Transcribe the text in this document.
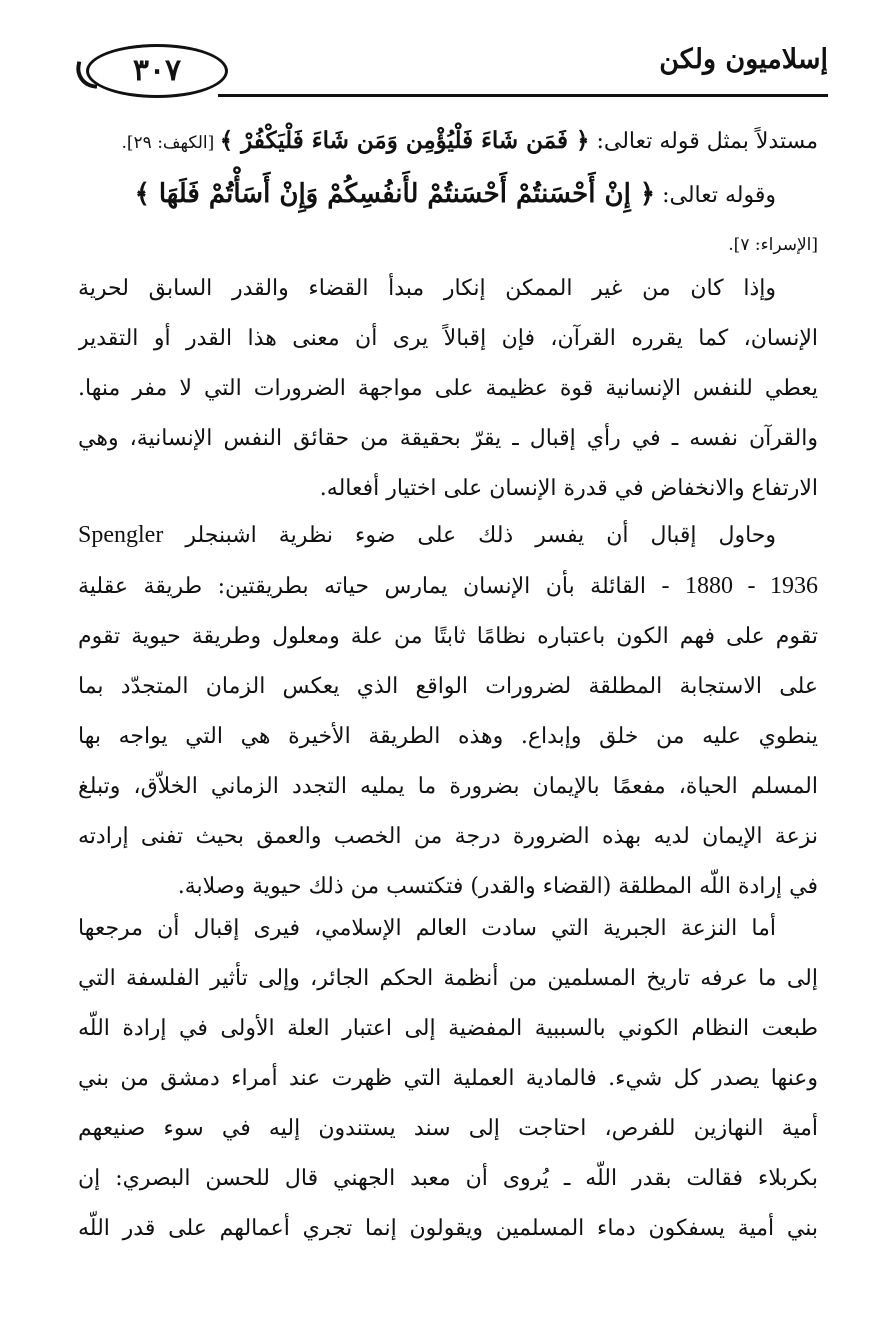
٣٠٧	إسلاميون ولكن
مستدلاً بمثل قوله تعالى: ﴿ فَمَن شَاءَ فَلْيُؤْمِن وَمَن شَاءَ فَلْيَكْفُرْ ﴾ [الكهف: ٢٩].
وقوله تعالى: ﴿ إِنْ أَحْسَنتُمْ أَحْسَنتُمْ لأَنفُسِكُمْ وَإِنْ أَسَأْتُمْ فَلَهَا ﴾
[الإسراء: ٧].
وإذا كان من غير الممكن إنكار مبدأ القضاء والقدر السابق لحرية
الإنسان، كما يقرره القرآن، فإن إقبالاً يرى أن معنى هذا القدر أو التقدير
يعطي للنفس الإنسانية قوة عظيمة على مواجهة الضرورات التي لا مفر منها.
والقرآن نفسه ـ في رأي إقبال ـ يقرّ بحقيقة من حقائق النفس الإنسانية، وهي
الارتفاع والانخفاض في قدرة الإنسان على اختيار أفعاله.
وحاول إقبال أن يفسر ذلك على ضوء نظرية اشبنجلر Spengler
- 1880 - 1936 القائلة بأن الإنسان يمارس حياته بطريقتين: طريقة عقلية
تقوم على فهم الكون باعتباره نظامًا ثابتًا من علة ومعلول وطريقة حيوية تقوم
على الاستجابة المطلقة لضرورات الواقع الذي يعكس الزمان المتجدّد بما
ينطوي عليه من خلق وإبداع. وهذه الطريقة الأخيرة هي التي يواجه بها
المسلم الحياة، مفعمًا بالإيمان بضرورة ما يمليه التجدد الزماني الخلاّق، وتبلغ
نزعة الإيمان لديه بهذه الضرورة درجة من الخصب والعمق بحيث تفنى إرادته
في إرادة اللّه المطلقة (القضاء والقدر) فتكتسب من ذلك حيوية وصلابة.
أما النزعة الجبرية التي سادت العالم الإسلامي، فيرى إقبال أن مرجعها
إلى ما عرفه تاريخ المسلمين من أنظمة الحكم الجائر، وإلى تأثير الفلسفة التي
طبعت النظام الكوني بالسببية المفضية إلى اعتبار العلة الأولى في إرادة اللّه
وعنها يصدر كل شيء. فالمادية العملية التي ظهرت عند أمراء دمشق من بني
أمية النهازين للفرص، احتاجت إلى سند يستندون إليه في سوء صنيعهم
بكربلاء فقالت بقدر اللّه ـ يُروى أن معبد الجهني قال للحسن البصري: إن
بني أمية يسفكون دماء المسلمين ويقولون إنما تجري أعمالهم على قدر اللّه
